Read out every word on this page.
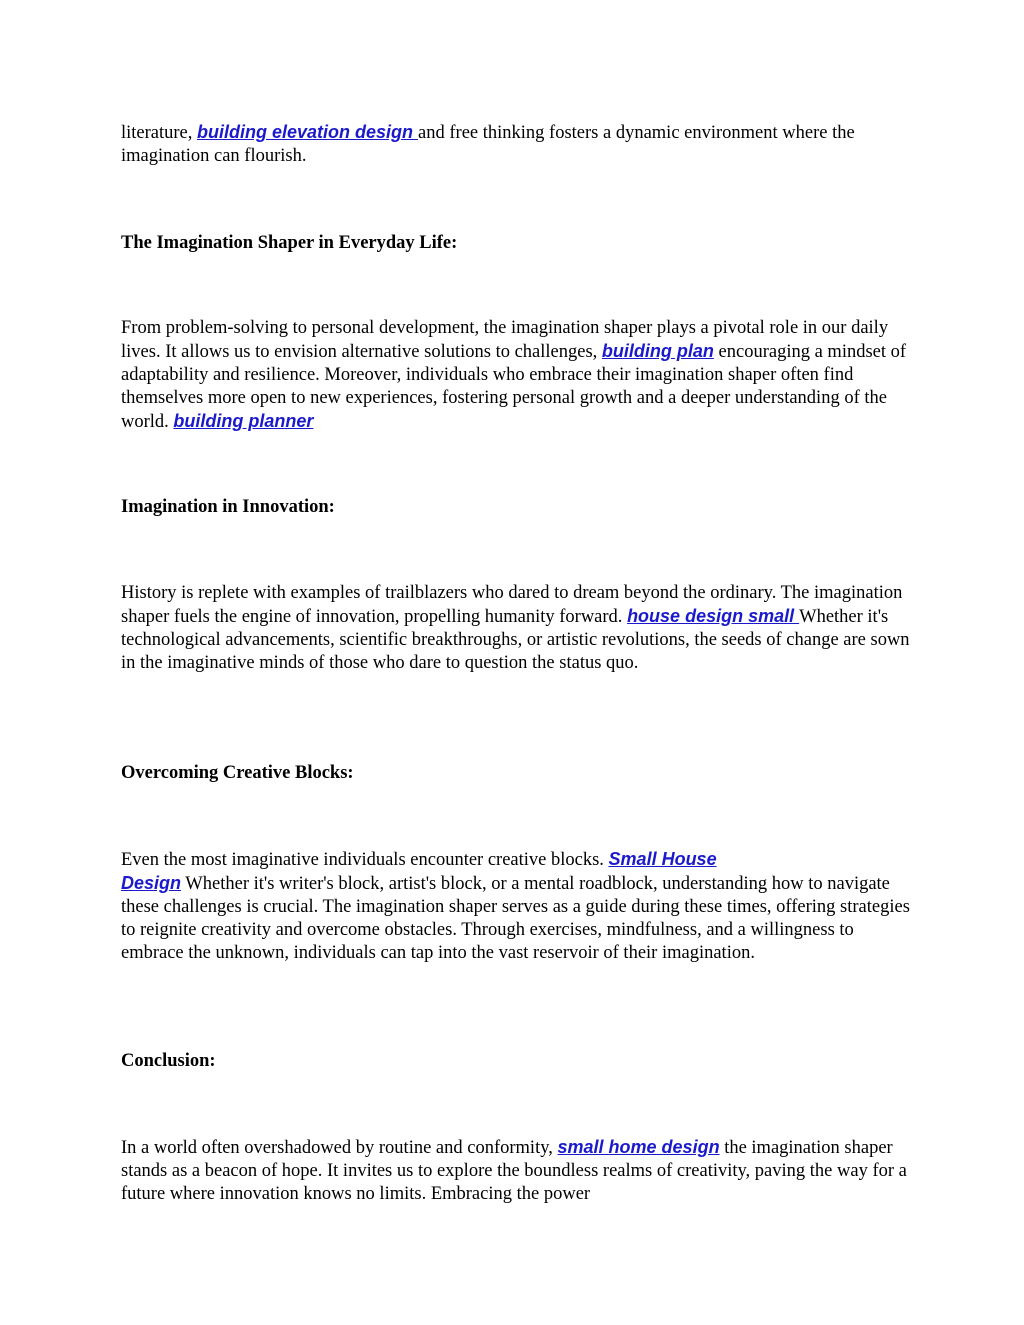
literature, building elevation design and free thinking fosters a dynamic environment where the imagination can flourish.

The Imagination Shaper in Everyday Life:

From problem-solving to personal development, the imagination shaper plays a pivotal role in our daily lives. It allows us to envision alternative solutions to challenges, building plan encouraging a mindset of adaptability and resilience. Moreover, individuals who embrace their imagination shaper often find themselves more open to new experiences, fostering personal growth and a deeper understanding of the world. building planner

Imagination in Innovation:

History is replete with examples of trailblazers who dared to dream beyond the ordinary. The imagination shaper fuels the engine of innovation, propelling humanity forward. house design small Whether it's technological advancements, scientific breakthroughs, or artistic revolutions, the seeds of change are sown in the imaginative minds of those who dare to question the status quo.

Overcoming Creative Blocks:

Even the most imaginative individuals encounter creative blocks. Small House
Design Whether it's writer's block, artist's block, or a mental roadblock, understanding how to navigate these challenges is crucial. The imagination shaper serves as a guide during these times, offering strategies to reignite creativity and overcome obstacles. Through exercises, mindfulness, and a willingness to embrace the unknown, individuals can tap into the vast reservoir of their imagination.

Conclusion:

In a world often overshadowed by routine and conformity, small home design the imagination shaper stands as a beacon of hope. It invites us to explore the boundless realms of creativity, paving the way for a future where innovation knows no limits. Embracing the power
